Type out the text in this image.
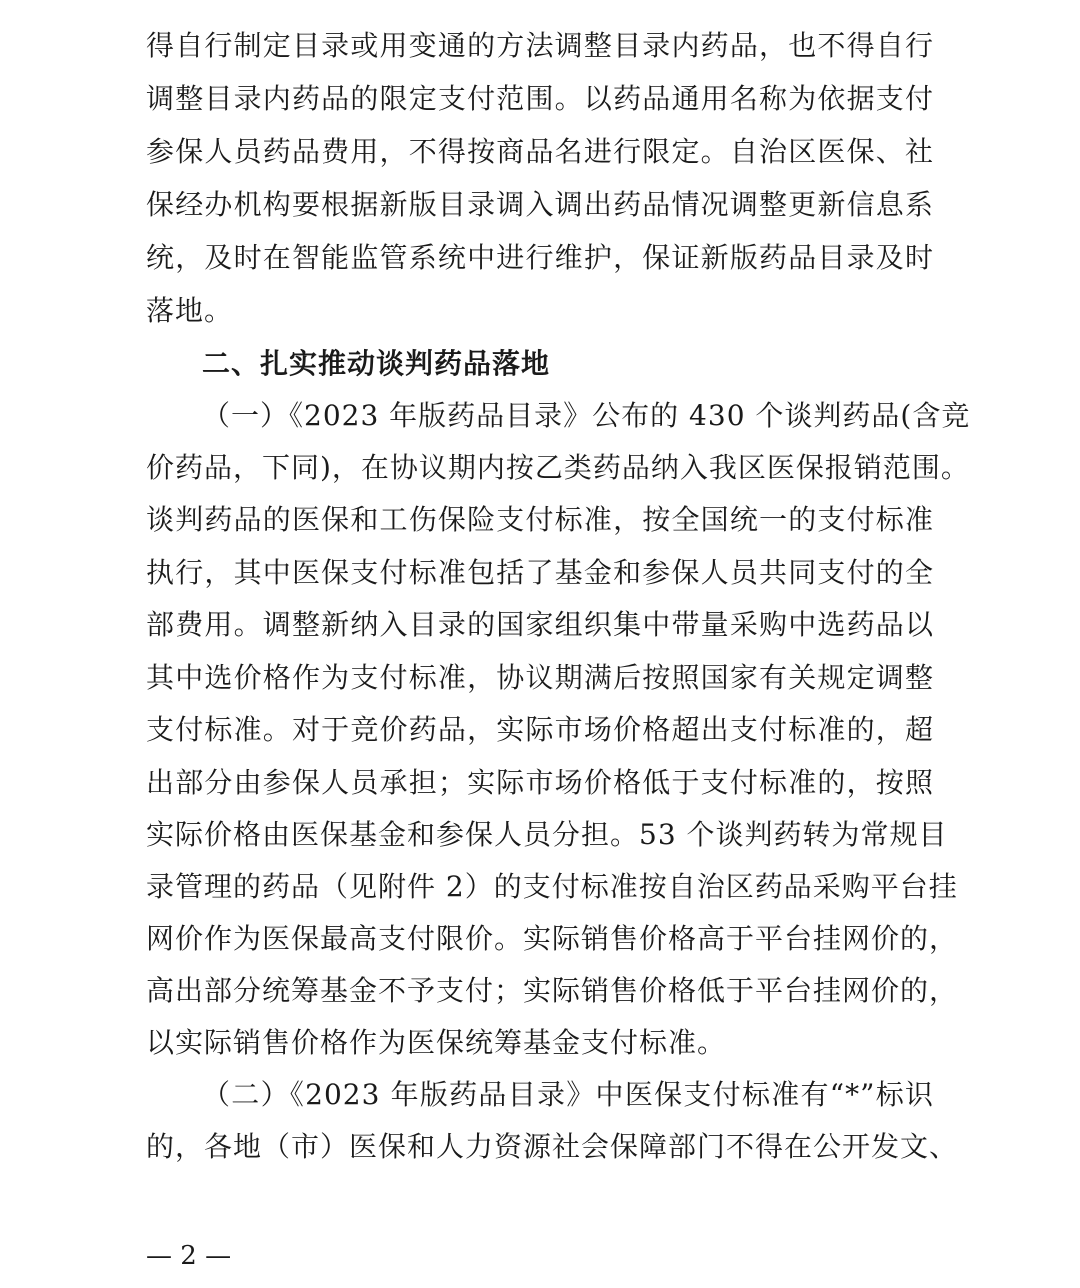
得自行制定目录或用变通的方法调整目录内药品，也不得自行
调整目录内药品的限定支付范围。以药品通用名称为依据支付
参保人员药品费用，不得按商品名进行限定。自治区医保、社
保经办机构要根据新版目录调入调出药品情况调整更新信息系
统，及时在智能监管系统中进行维护，保证新版药品目录及时
落地。
二、扎实推动谈判药品落地
（一）《2023 年版药品目录》公布的 430 个谈判药品(含竞
价药品，下同)，在协议期内按乙类药品纳入我区医保报销范围。
谈判药品的医保和工伤保险支付标准，按全国统一的支付标准
执行，其中医保支付标准包括了基金和参保人员共同支付的全
部费用。调整新纳入目录的国家组织集中带量采购中选药品以
其中选价格作为支付标准，协议期满后按照国家有关规定调整
支付标准。对于竞价药品，实际市场价格超出支付标准的，超
出部分由参保人员承担；实际市场价格低于支付标准的，按照
实际价格由医保基金和参保人员分担。53 个谈判药转为常规目
录管理的药品（见附件 2）的支付标准按自治区药品采购平台挂
网价作为医保最高支付限价。实际销售价格高于平台挂网价的，
高出部分统筹基金不予支付；实际销售价格低于平台挂网价的，
以实际销售价格作为医保统筹基金支付标准。
（二）《2023 年版药品目录》中医保支付标准有“*”标识
的，各地（市）医保和人力资源社会保障部门不得在公开发文、
— 2 —
